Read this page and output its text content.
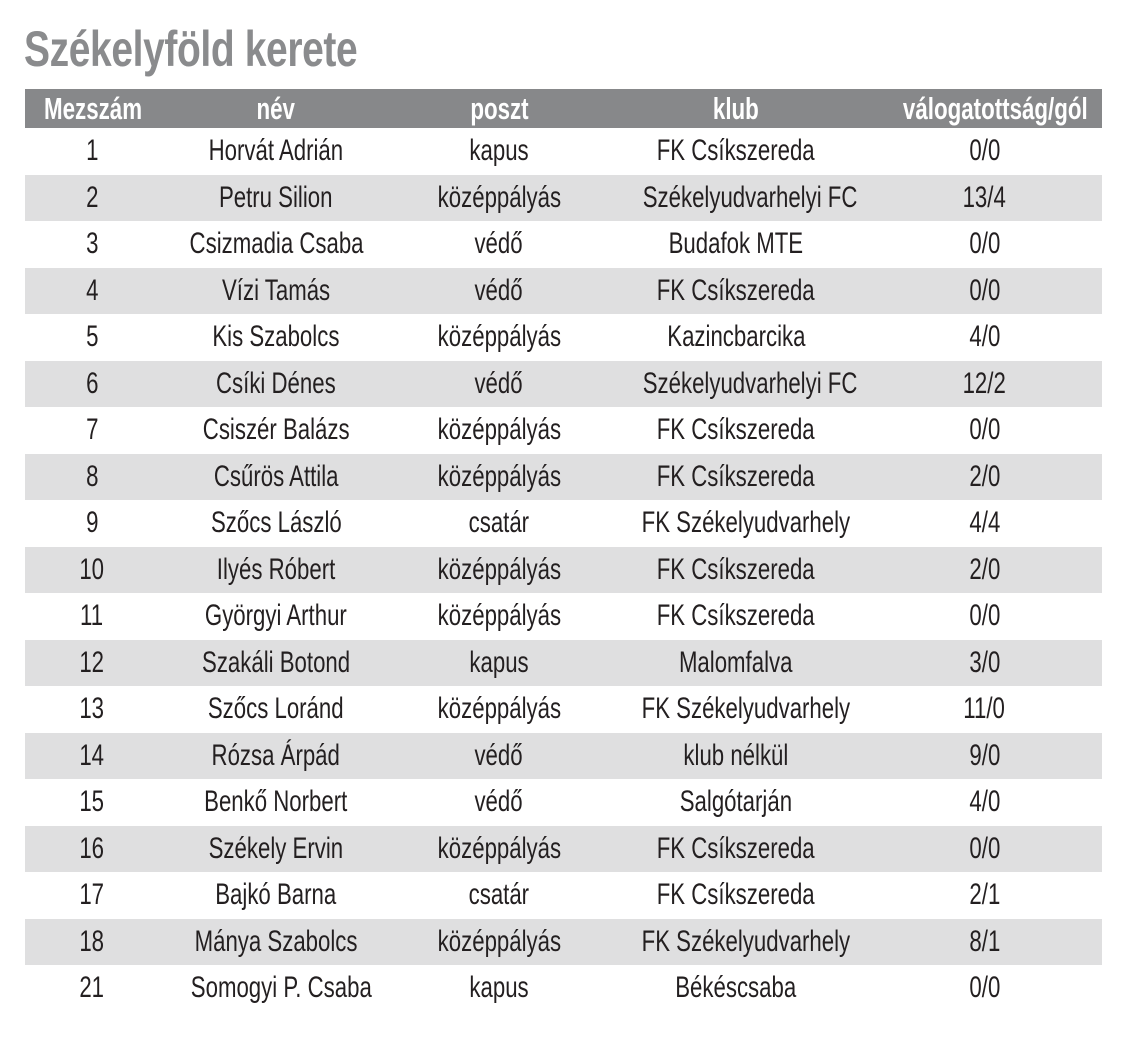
Székelyföld kerete
Mezszám	név	poszt	klub	válogatottság/gól
1	Horvát Adrián	kapus	FK Csíkszereda	0/0
2	Petru Silion	középpályás	Székelyudvarhelyi FC	13/4
3	Csizmadia Csaba	védő	Budafok MTE	0/0
4	Vízi Tamás	védő	FK Csíkszereda	0/0
5	Kis Szabolcs	középpályás	Kazincbarcika	4/0
6	Csíki Dénes	védő	Székelyudvarhelyi FC	12/2
7	Csiszér Balázs	középpályás	FK Csíkszereda	0/0
8	Csűrös Attila	középpályás	FK Csíkszereda	2/0
9	Szőcs László	csatár	FK Székelyudvarhely	4/4
10	Ilyés Róbert	középpályás	FK Csíkszereda	2/0
11	Györgyi Arthur	középpályás	FK Csíkszereda	0/0
12	Szakáli Botond	kapus	Malomfalva	3/0
13	Szőcs Loránd	középpályás	FK Székelyudvarhely	11/0
14	Rózsa Árpád	védő	klub nélkül	9/0
15	Benkő Norbert	védő	Salgótarján	4/0
16	Székely Ervin	középpályás	FK Csíkszereda	0/0
17	Bajkó Barna	csatár	FK Csíkszereda	2/1
18	Mánya Szabolcs	középpályás	FK Székelyudvarhely	8/1
21	Somogyi P. Csaba	kapus	Békéscsaba	0/0
